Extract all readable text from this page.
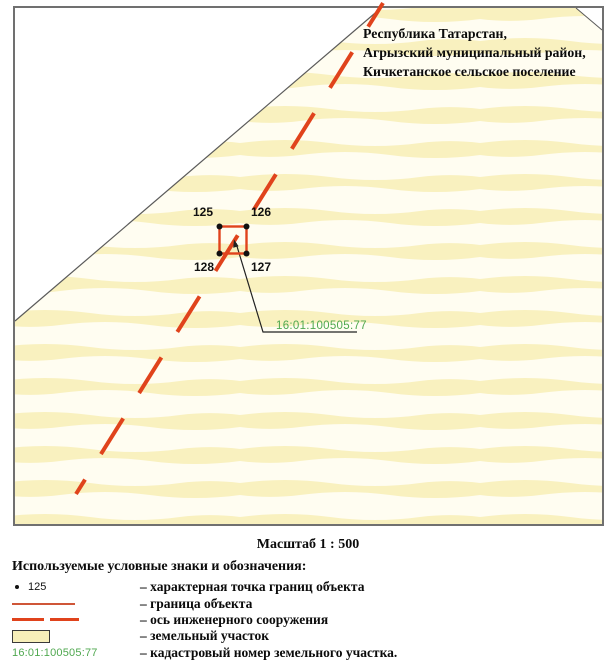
125	126
127
128
16:01:100505:77
Республика Татарстан,
Агрызский муниципальный район,
Кичкетанское сельское поселение
Масштаб 1 : 500
Используемые условные знаки и обозначения:
125	– характерная точка границ объекта
– граница объекта
– ось инженерного сооружения
– земельный участок
16:01:100505:77	– кадастровый номер земельного участка.
